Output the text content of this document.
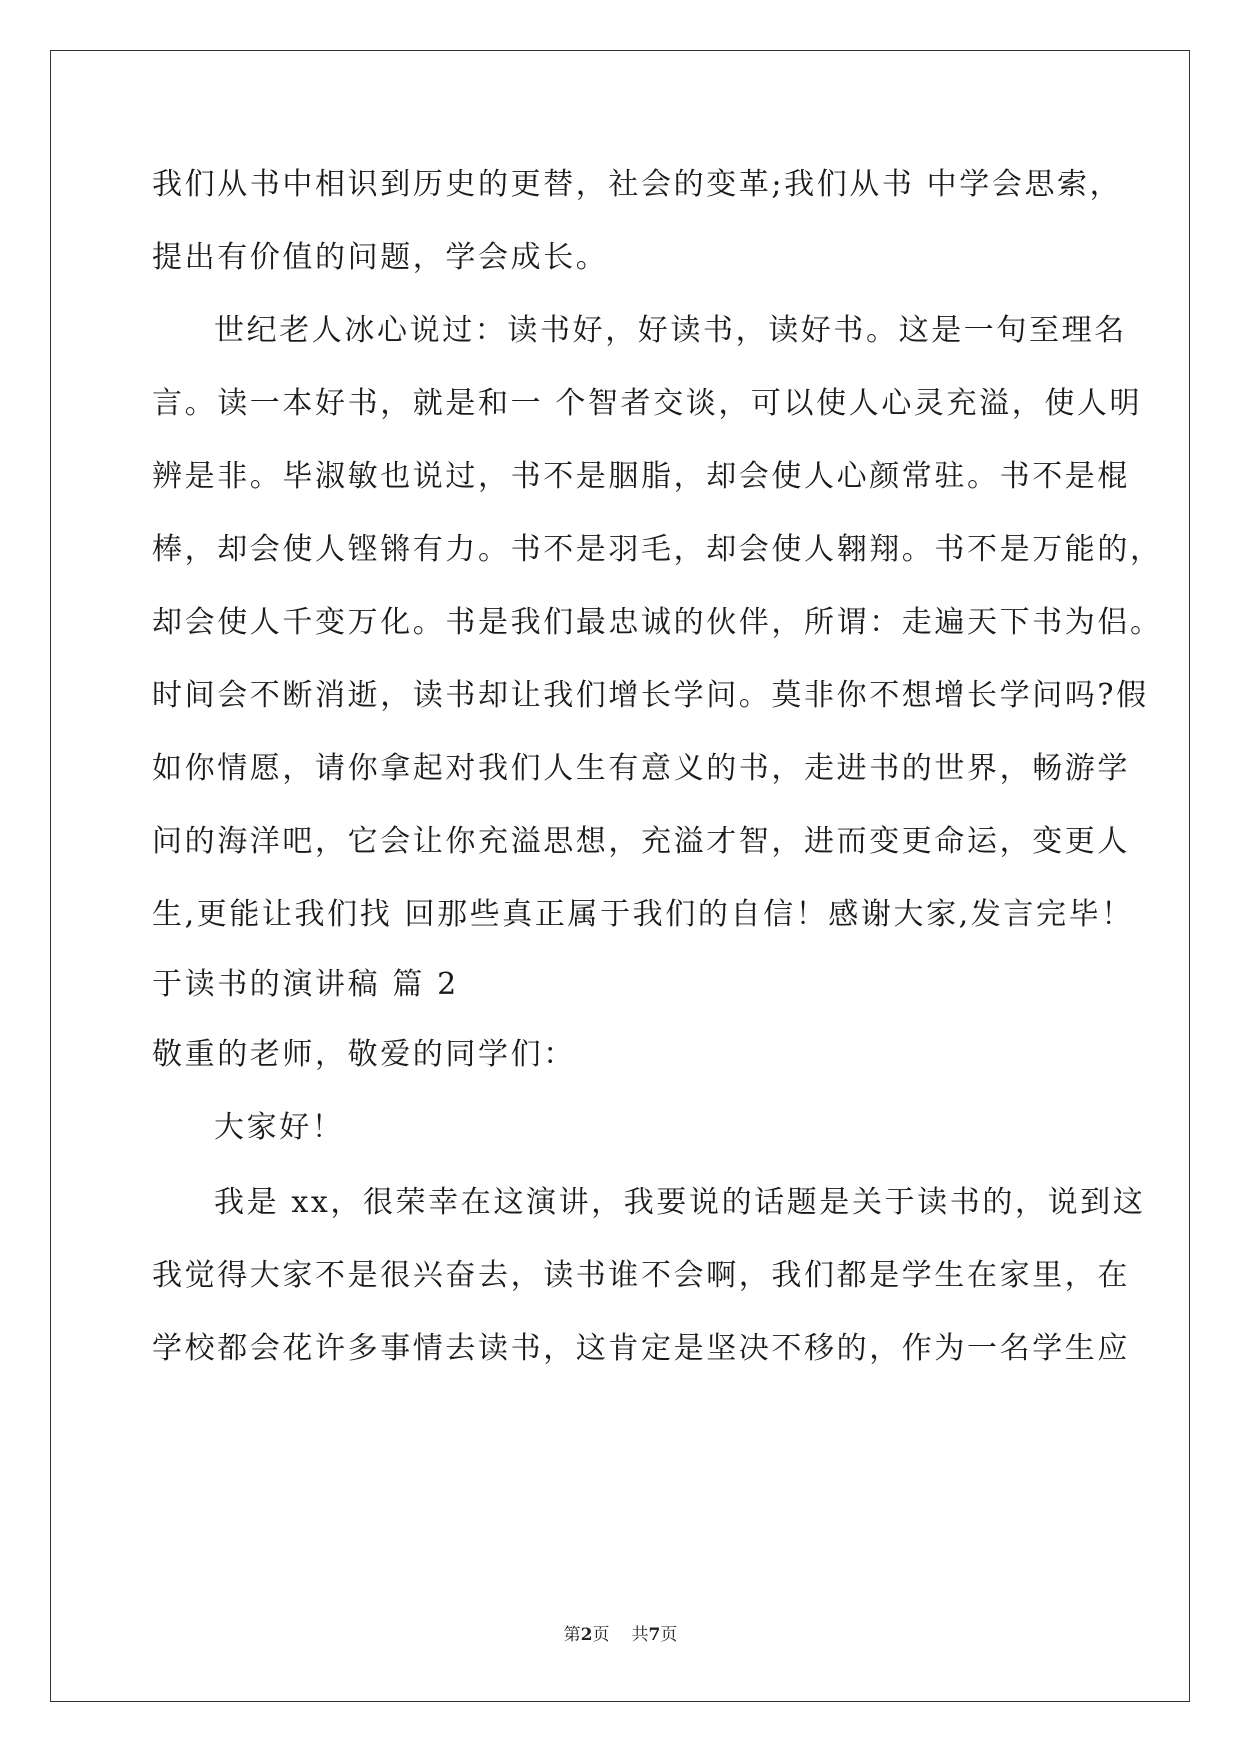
我们从书中相识到历史的更替，社会的变革;我们从书 中学会思索，
提出有价值的问题，学会成长。
世纪老人冰心说过：读书好，好读书，读好书。这是一句至理名
言。读一本好书，就是和一 个智者交谈，可以使人心灵充溢，使人明
辨是非。毕淑敏也说过，书不是胭脂，却会使人心颜常驻。书不是棍
棒，却会使人铿锵有力。书不是羽毛，却会使人翱翔。书不是万能的，
却会使人千变万化。书是我们最忠诚的伙伴，所谓：走遍天下书为侣。
时间会不断消逝，读书却让我们增长学问。莫非你不想增长学问吗?假
如你情愿，请你拿起对我们人生有意义的书，走进书的世界，畅游学
问的海洋吧，它会让你充溢思想，充溢才智，进而变更命运，变更人
生,更能让我们找 回那些真正属于我们的自信！感谢大家,发言完毕！
于读书的演讲稿 篇 2
敬重的老师，敬爱的同学们：
大家好！
我是 xx，很荣幸在这演讲，我要说的话题是关于读书的，说到这
我觉得大家不是很兴奋去，读书谁不会啊，我们都是学生在家里，在
学校都会花许多事情去读书，这肯定是坚决不移的，作为一名学生应
第2页 共7页
